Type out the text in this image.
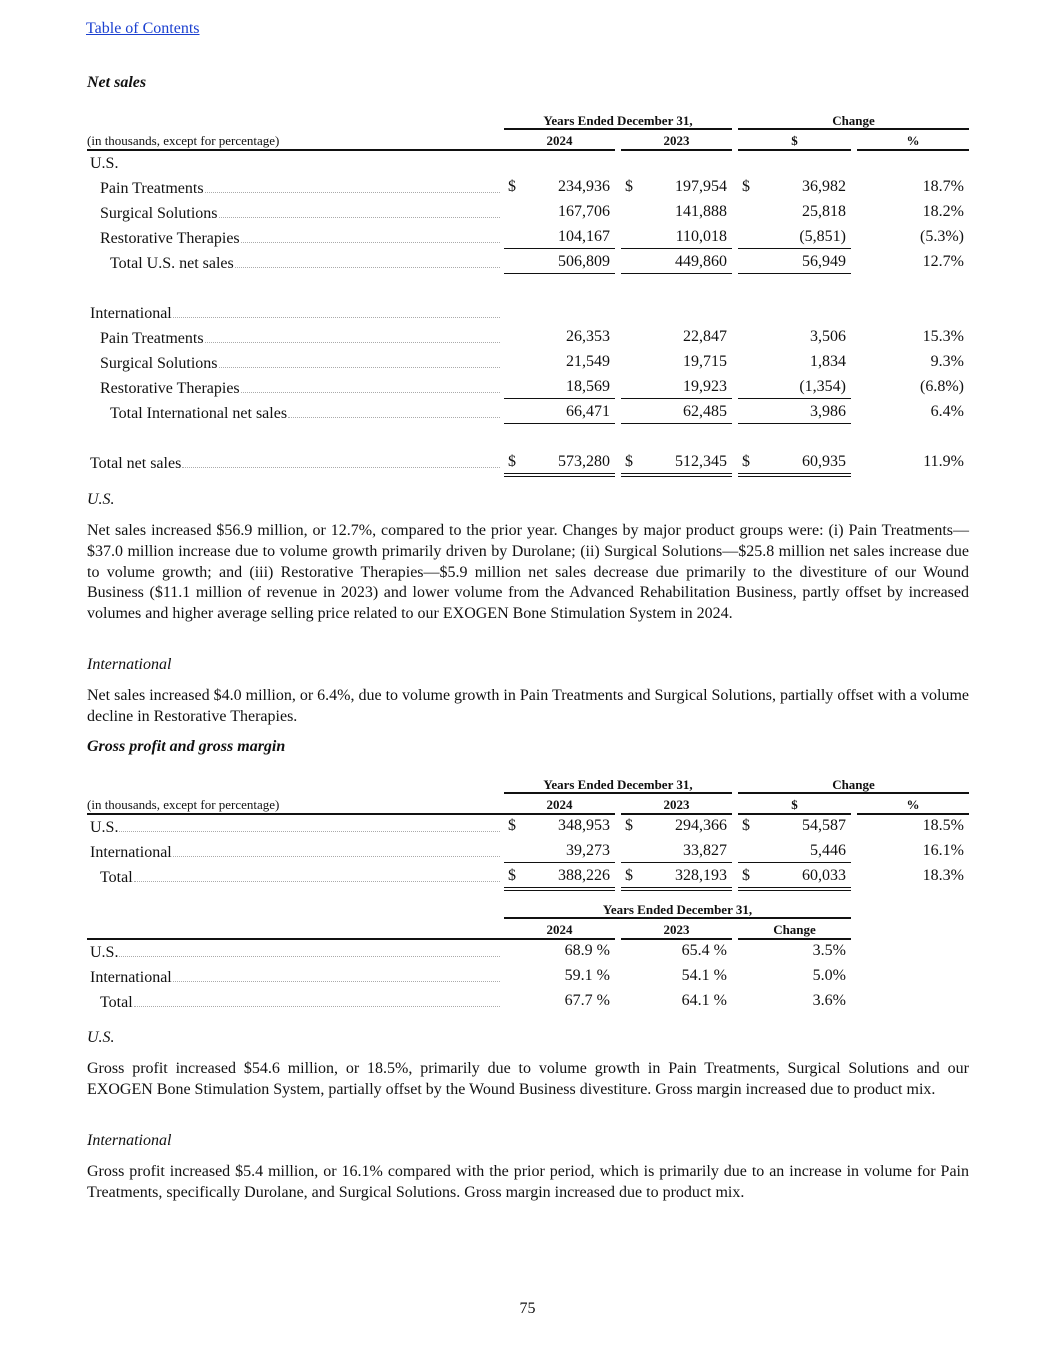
Table of Contents
Net sales
Years Ended December 31,	Change
(in thousands, except for percentage)	2024	2023	$	%
U.S.
Pain Treatments	$	234,936 $	197,954 $	36,982	18.7%
Surgical Solutions	167,706	141,888	25,818	18.2%
Restorative Therapies	104,167	110,018	(5,851)	(5.3%)
Total U.S. net sales	506,809	449,860	56,949	12.7%
International
Pain Treatments	26,353	22,847	3,506	15.3%
Surgical Solutions	21,549	19,715	1,834	9.3%
Restorative Therapies	18,569	19,923	(1,354)	(6.8%)
Total International net sales	66,471	62,485	3,986	6.4%
Total net sales	$	573,280 $	512,345 $	60,935	11.9%
U.S.
Net sales increased $56.9 million, or 12.7%, compared to the prior year. Changes by major product groups were: (i) Pain Treatments—$37.0 million increase due to volume growth primarily driven by Durolane; (ii) Surgical Solutions—$25.8 million net sales increase due to volume growth; and (iii) Restorative Therapies—$5.9 million net sales decrease due primarily to the divestiture of our Wound Business ($11.1 million of revenue in 2023) and lower volume from the Advanced Rehabilitation Business, partly offset by increased volumes and higher average selling price related to our EXOGEN Bone Stimulation System in 2024.
International
Net sales increased $4.0 million, or 6.4%, due to volume growth in Pain Treatments and Surgical Solutions, partially offset with a volume decline in Restorative Therapies.
Gross profit and gross margin
Years Ended December 31,	Change
(in thousands, except for percentage)	2024	2023	$	%
U.S.	$	348,953 $	294,366 $	54,587	18.5%
International	39,273	33,827	5,446	16.1%
Total	$	388,226 $	328,193 $	60,033	18.3%
Years Ended December 31,
2024	2023	Change
U.S.	68.9 %	65.4 %	3.5%
International	59.1 %	54.1 %	5.0%
Total	67.7 %	64.1 %	3.6%
U.S.
Gross profit increased $54.6 million, or 18.5%, primarily due to volume growth in Pain Treatments, Surgical Solutions and our EXOGEN Bone Stimulation System, partially offset by the Wound Business divestiture. Gross margin increased due to product mix.
International
Gross profit increased $5.4 million, or 16.1% compared with the prior period, which is primarily due to an increase in volume for Pain Treatments, specifically Durolane, and Surgical Solutions. Gross margin increased due to product mix.
75
